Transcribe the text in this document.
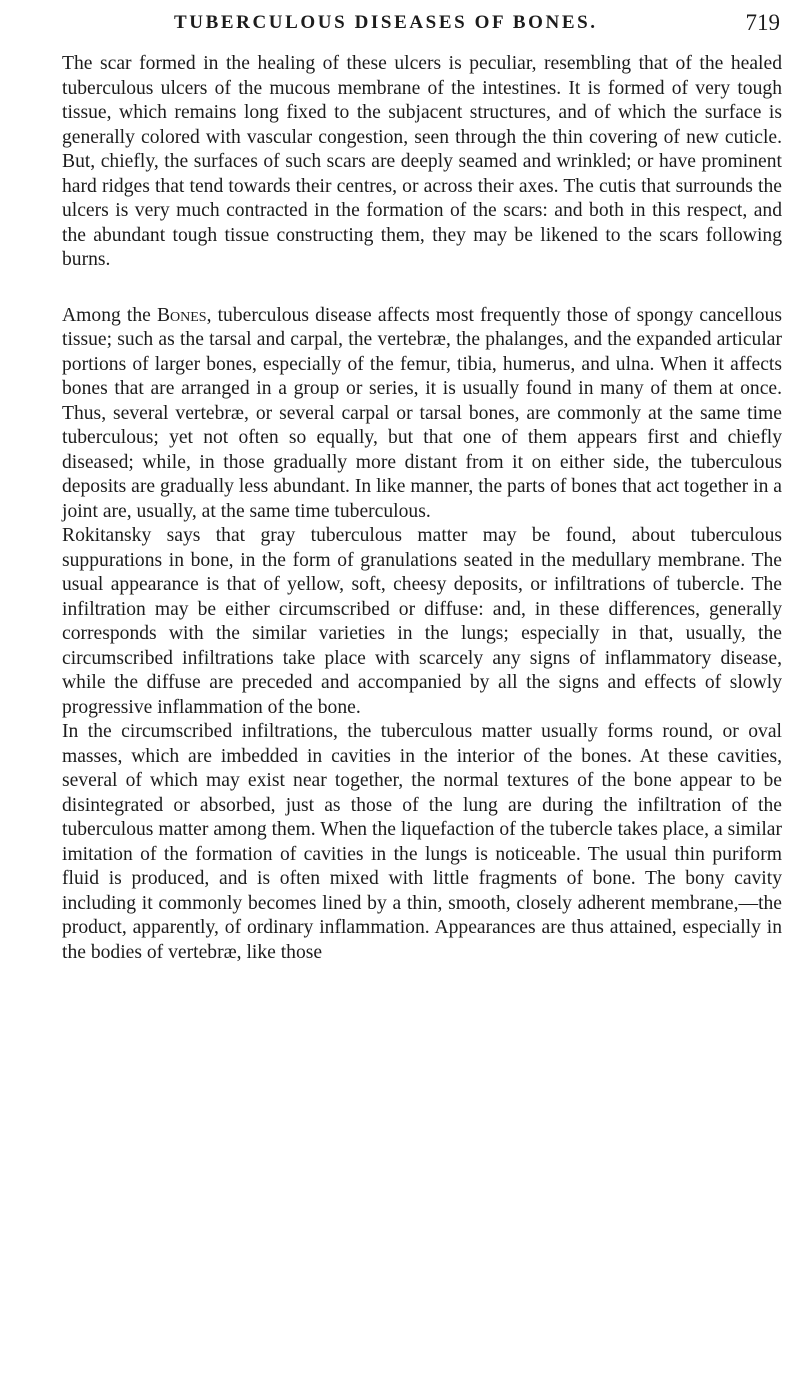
TUBERCULOUS DISEASES OF BONES.	719

The scar formed in the healing of these ulcers is peculiar, resembling that of the healed tuberculous ulcers of the mucous membrane of the intestines. It is formed of very tough tissue, which remains long fixed to the subjacent structures, and of which the surface is generally colored with vascular congestion, seen through the thin covering of new cuticle. But, chiefly, the surfaces of such scars are deeply seamed and wrinkled; or have prominent hard ridges that tend towards their centres, or across their axes. The cutis that surrounds the ulcers is very much contracted in the formation of the scars: and both in this respect, and the abundant tough tissue constructing them, they may be likened to the scars following burns.

Among the Bones, tuberculous disease affects most frequently those of spongy cancellous tissue; such as the tarsal and carpal, the vertebræ, the phalanges, and the expanded articular portions of larger bones, especially of the femur, tibia, humerus, and ulna. When it affects bones that are arranged in a group or series, it is usually found in many of them at once. Thus, several vertebræ, or several carpal or tarsal bones, are commonly at the same time tuberculous; yet not often so equally, but that one of them appears first and chiefly diseased; while, in those gradually more distant from it on either side, the tuberculous deposits are gradually less abundant. In like manner, the parts of bones that act together in a joint are, usually, at the same time tuberculous.

Rokitansky says that gray tuberculous matter may be found, about tuberculous suppurations in bone, in the form of granulations seated in the medullary membrane. The usual appearance is that of yellow, soft, cheesy deposits, or infiltrations of tubercle. The infiltration may be either circumscribed or diffuse: and, in these differences, generally corresponds with the similar varieties in the lungs; especially in that, usually, the circumscribed infiltrations take place with scarcely any signs of inflammatory disease, while the diffuse are preceded and accompanied by all the signs and effects of slowly progressive inflammation of the bone.

In the circumscribed infiltrations, the tuberculous matter usually forms round, or oval masses, which are imbedded in cavities in the interior of the bones. At these cavities, several of which may exist near together, the normal textures of the bone appear to be disintegrated or absorbed, just as those of the lung are during the infiltration of the tuberculous matter among them. When the liquefaction of the tubercle takes place, a similar imitation of the formation of cavities in the lungs is noticeable. The usual thin puriform fluid is produced, and is often mixed with little fragments of bone. The bony cavity including it commonly becomes lined by a thin, smooth, closely adherent membrane,—the product, apparently, of ordinary inflammation. Appearances are thus attained, especially in the bodies of vertebræ, like those
